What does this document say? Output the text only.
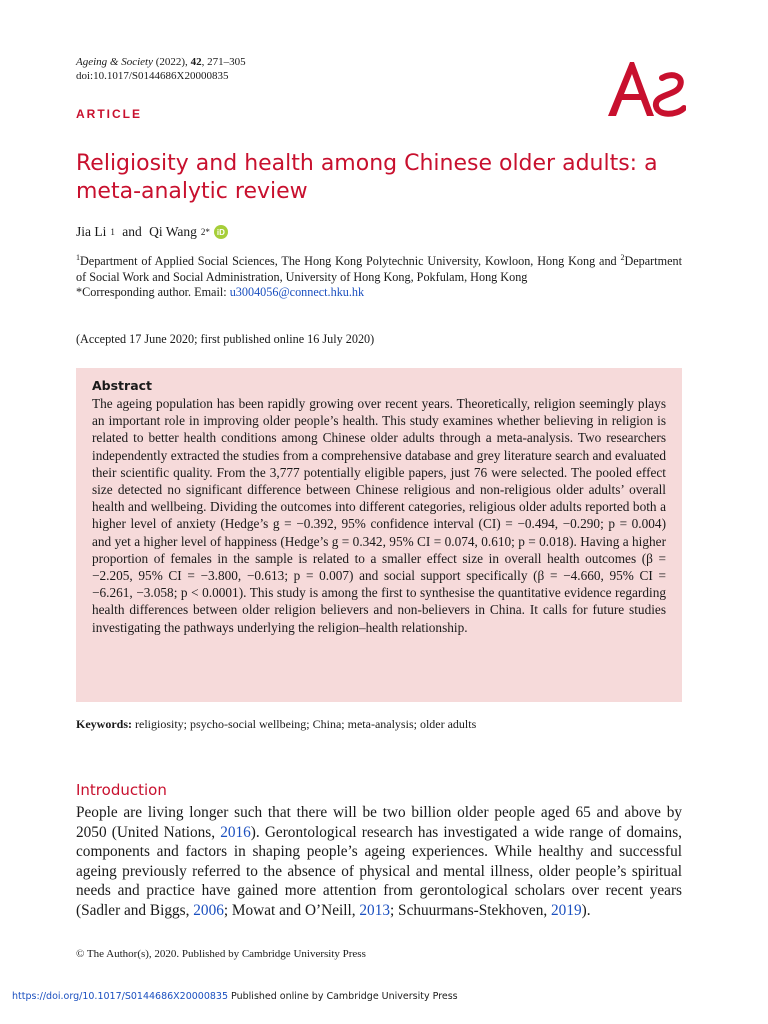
Ageing & Society (2022), 42, 271–305
doi:10.1017/S0144686X20000835
ARTICLE
Religiosity and health among Chinese older adults: a meta-analytic review
Jia Li 1 and Qi Wang 2* iD

$^1$Department of Applied Social Sciences, The Hong Kong Polytechnic University, Kowloon, Hong Kong and $^2$Department of Social Work and Social Administration, University of Hong Kong, Pokfulam, Hong Kong

*Corresponding author. Email: u3004056@connect.hku.hk

(Accepted 17 June 2020; first published online 16 July 2020)
Abstract
The ageing population has been rapidly growing over recent years. Theoretically, religion seemingly plays an important role in improving older people’s health. This study examines whether believing in religion is related to better health conditions among Chinese older adults through a meta-analysis. Two researchers independently extracted the studies from a comprehensive database and grey literature search and evaluated their scientific quality. From the 3,777 potentially eligible papers, just 76 were selected. The pooled effect size detected no significant difference between Chinese religious and non-religious older adults’ overall health and wellbeing. Dividing the outcomes into different categories, religious older adults reported both a higher level of anxiety (Hedge’s g = −0.392, 95% confidence interval (CI) = −0.494, −0.290; p = 0.004) and yet a higher level of happiness (Hedge’s g = 0.342, 95% CI = 0.074, 0.610; p = 0.018). Having a higher proportion of females in the sample is related to a smaller effect size in overall health outcomes (β = −2.205, 95% CI = −3.800, −0.613; p = 0.007) and social support specifically (β = −4.660, 95% CI = −6.261, −3.058; p < 0.0001). This study is among the first to synthesise the quantitative evidence regarding health differences between older religion believers and non-believers in China. It calls for future studies investigating the pathways underlying the religion–health relationship.
Keywords: religiosity; psycho-social wellbeing; China; meta-analysis; older adults
Introduction
People are living longer such that there will be two billion older people aged 65 and above by 2050 (United Nations, 2016). Gerontological research has investigated a wide range of domains, components and factors in shaping people’s ageing experiences. While healthy and successful ageing previously referred to the absence of physical and mental illness, older people’s spiritual needs and practice have gained more attention from gerontological scholars over recent years (Sadler and Biggs, 2006; Mowat and O’Neill, 2013; Schuurmans-Stekhoven, 2019).
© The Author(s), 2020. Published by Cambridge University Press
https://doi.org/10.1017/S0144686X20000835 Published online by Cambridge University Press
